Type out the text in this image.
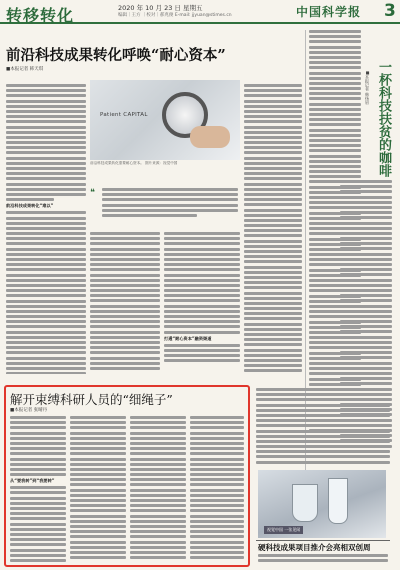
转移转化	2020 年 10 月 23 日 星期五
编辑｜王方 ｜校对｜郝兆俊 E-mail: jjyuan@stimes.cn	中国科学报 3
前沿科技成果转化呼唤“耐心资本”
■本报记者 韩天琪
前沿科技成果转化“难以”
Patient CAPITAL
前沿科技成果转化需要耐心资本。 图片来源：视觉中国
❝
打通“耐心资本”融资渠道
一杯科技扶贫的咖啡
■本报记者 韩扬眉
解开束缚科研人员的“细绳子”
■本报记者 张晴丹
从“要我转”到“我要转”
视觉中国 一张见闻
硬科技成果项目推介会亮相双创周
